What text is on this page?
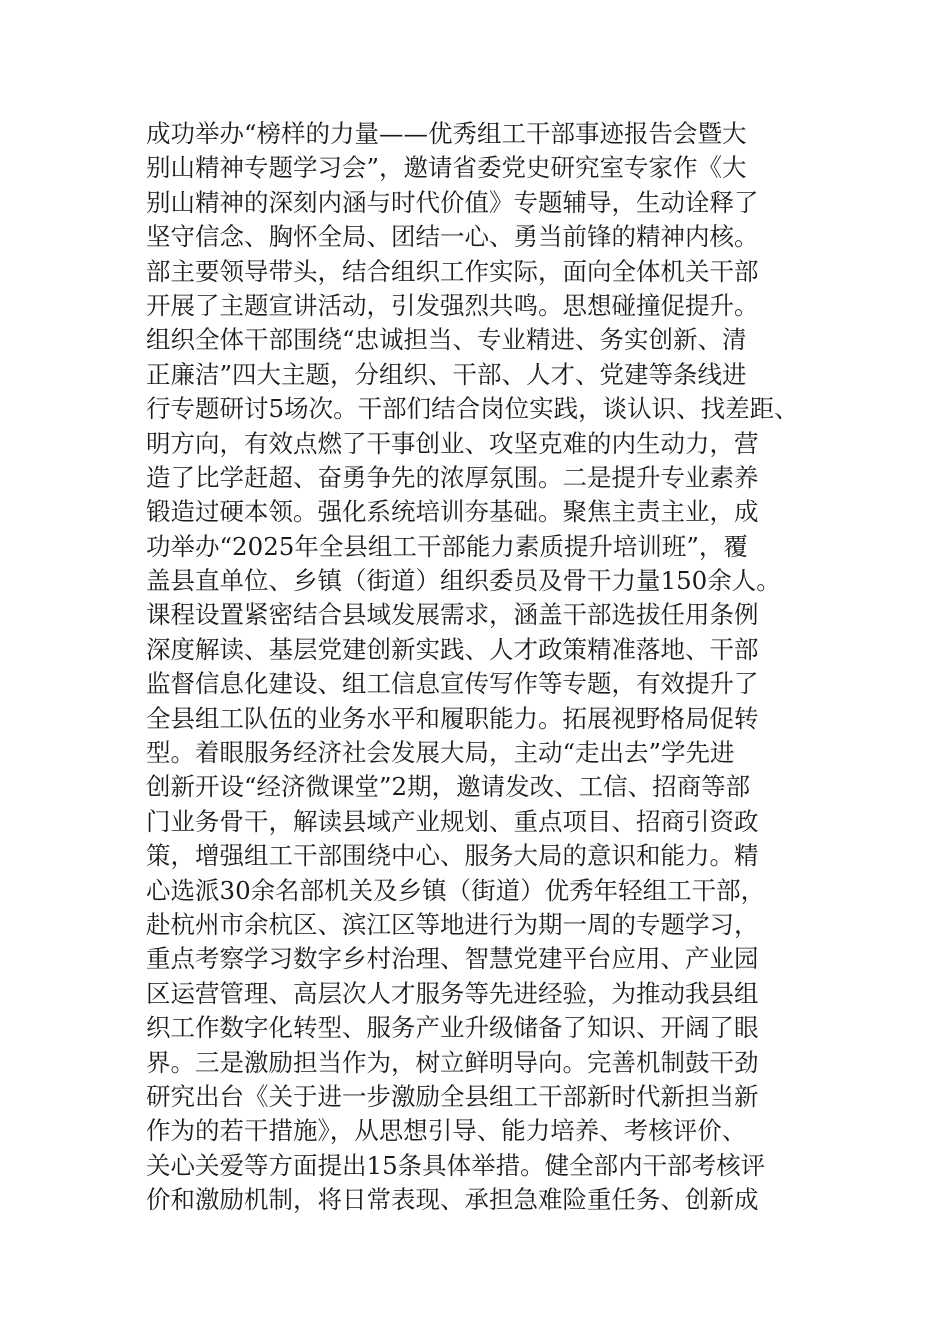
成功举办“榜样的力量——优秀组工干部事迹报告会暨大
别山精神专题学习会”，邀请省委党史研究室专家作《大
别山精神的深刻内涵与时代价值》专题辅导，生动诠释了
坚守信念、胸怀全局、团结一心、勇当前锋的精神内核。
部主要领导带头，结合组织工作实际，面向全体机关干部
开展了主题宣讲活动，引发强烈共鸣。思想碰撞促提升。
组织全体干部围绕“忠诚担当、专业精进、务实创新、清
正廉洁”四大主题，分组织、干部、人才、党建等条线进
行专题研讨5场次。干部们结合岗位实践，谈认识、找差距、
明方向，有效点燃了干事创业、攻坚克难的内生动力，营
造了比学赶超、奋勇争先的浓厚氛围。二是提升专业素养
锻造过硬本领。强化系统培训夯基础。聚焦主责主业，成
功举办“2025年全县组工干部能力素质提升培训班”，覆
盖县直单位、乡镇（街道）组织委员及骨干力量150余人。
课程设置紧密结合县域发展需求，涵盖干部选拔任用条例
深度解读、基层党建创新实践、人才政策精准落地、干部
监督信息化建设、组工信息宣传写作等专题，有效提升了
全县组工队伍的业务水平和履职能力。拓展视野格局促转
型。着眼服务经济社会发展大局，主动“走出去”学先进
创新开设“经济微课堂”2期，邀请发改、工信、招商等部
门业务骨干，解读县域产业规划、重点项目、招商引资政
策，增强组工干部围绕中心、服务大局的意识和能力。精
心选派30余名部机关及乡镇（街道）优秀年轻组工干部，
赴杭州市余杭区、滨江区等地进行为期一周的专题学习，
重点考察学习数字乡村治理、智慧党建平台应用、产业园
区运营管理、高层次人才服务等先进经验，为推动我县组
织工作数字化转型、服务产业升级储备了知识、开阔了眼
界。三是激励担当作为，树立鲜明导向。完善机制鼓干劲
研究出台《关于进一步激励全县组工干部新时代新担当新
作为的若干措施》，从思想引导、能力培养、考核评价、
关心关爱等方面提出15条具体举措。健全部内干部考核评
价和激励机制，将日常表现、承担急难险重任务、创新成
